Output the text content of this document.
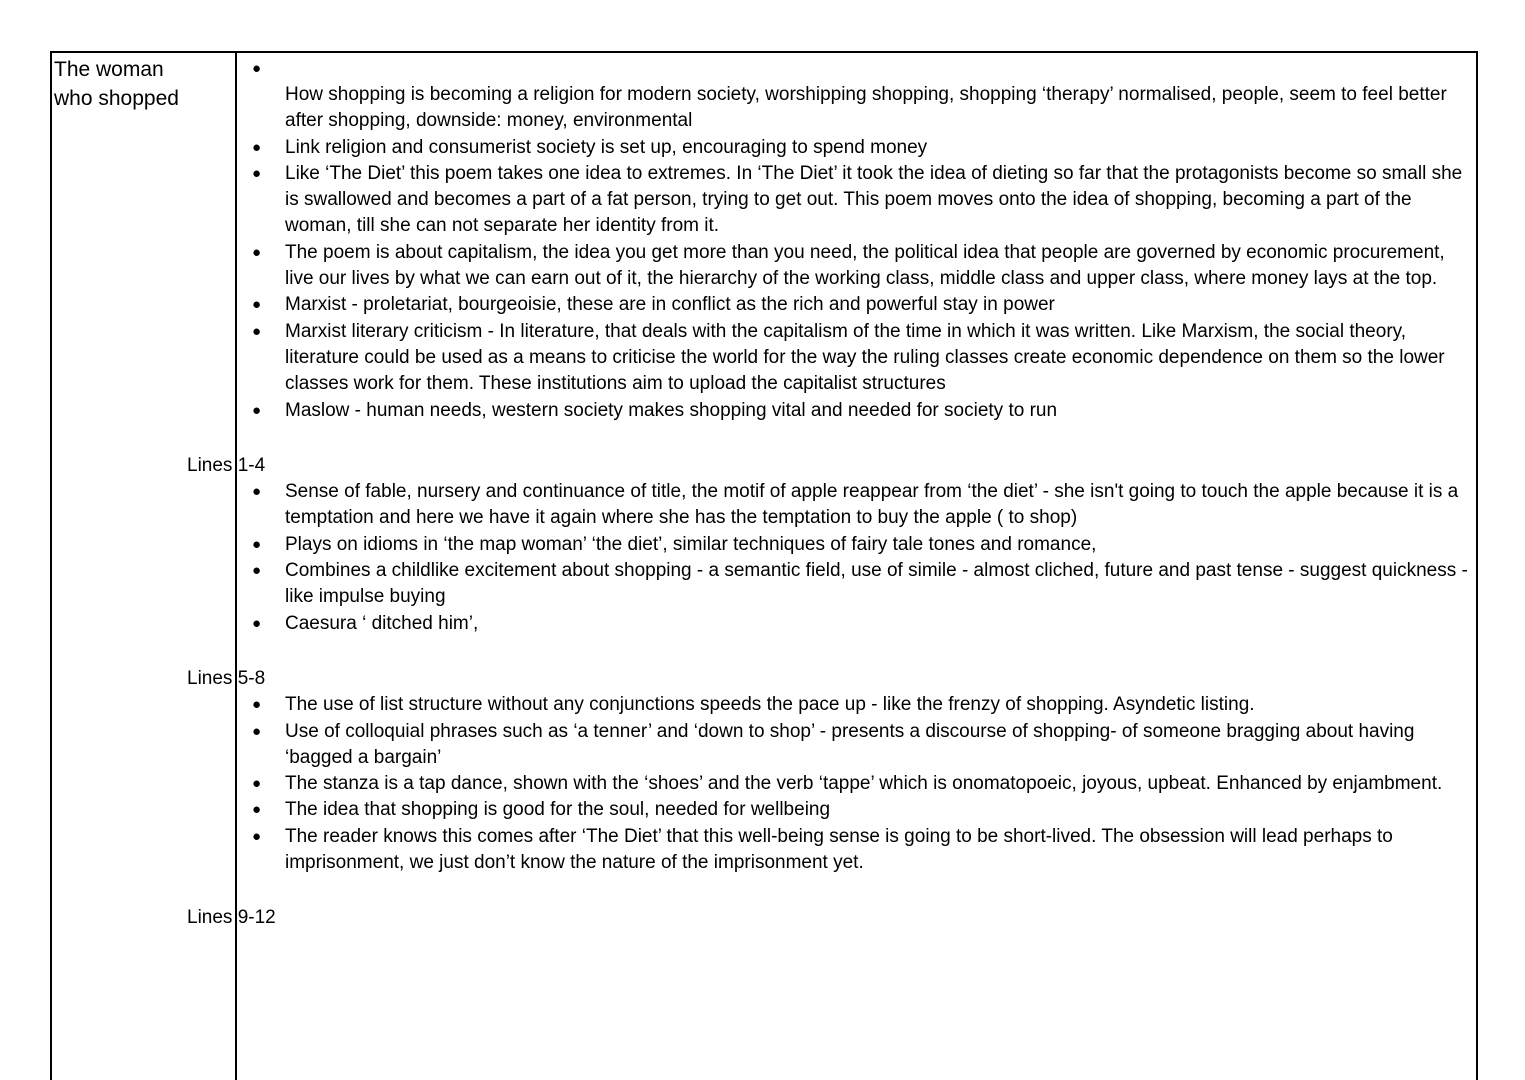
The woman who shopped
●
How shopping is becoming a religion for modern society, worshipping shopping, shopping ‘therapy’ normalised, people, seem to feel better after shopping, downside: money, environmental
● Link religion and consumerist society is set up, encouraging to spend money
● Like ‘The Diet’ this poem takes one idea to extremes. In ‘The Diet’ it took the idea of dieting so far that the protagonists become so small she is swallowed and becomes a part of a fat person, trying to get out. This poem moves onto the idea of shopping, becoming a part of the woman, till she can not separate her identity from it.
● The poem is about capitalism, the idea you get more than you need, the political idea that people are governed by economic procurement, live our lives by what we can earn out of it, the hierarchy of the working class, middle class and upper class, where money lays at the top.
● Marxist - proletariat, bourgeoisie, these are in conflict as the rich and powerful stay in power
● Marxist literary criticism - In literature, that deals with the capitalism of the time in which it was written. Like Marxism, the social theory, literature could be used as a means to criticise the world for the way the ruling classes create economic dependence on them so the lower classes work for them. These institutions aim to upload the capitalist structures
● Maslow - human needs, western society makes shopping vital and needed for society to run
Lines 1-4
● Sense of fable, nursery and continuance of title, the motif of apple reappear from ‘the diet’ - she isn't going to touch the apple because it is a temptation and here we have it again where she has the temptation to buy the apple ( to shop)
● Plays on idioms in ‘the map woman’ ‘the diet’, similar techniques of fairy tale tones and romance,
● Combines a childlike excitement about shopping - a semantic field, use of simile - almost cliched, future and past tense - suggest quickness - like impulse buying
● Caesura ‘ ditched him’,
Lines 5-8
● The use of list structure without any conjunctions speeds the pace up - like the frenzy of shopping. Asyndetic listing.
● Use of colloquial phrases such as ‘a tenner’ and ‘down to shop’ - presents a discourse of shopping- of someone bragging about having ‘bagged a bargain’
● The stanza is a tap dance, shown with the ‘shoes’ and the verb ‘tappe’ which is onomatopoeic, joyous, upbeat. Enhanced by enjambment.
● The idea that shopping is good for the soul, needed for wellbeing
● The reader knows this comes after ‘The Diet’ that this well-being sense is going to be short-lived. The obsession will lead perhaps to imprisonment, we just don’t know the nature of the imprisonment yet.
Lines 9-12
